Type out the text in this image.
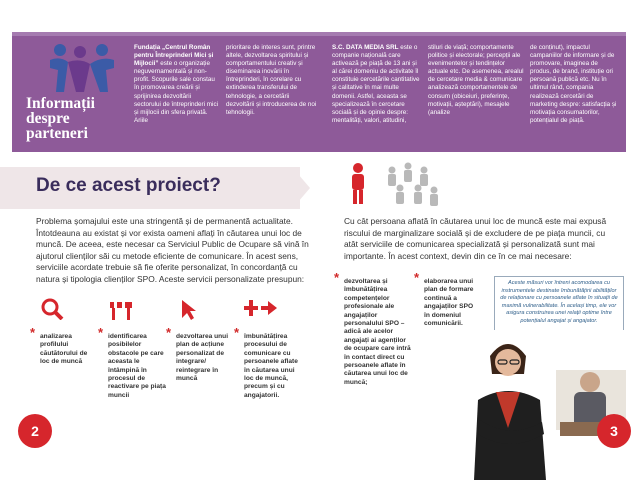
Informații
despre
parteneri
Fundația „Centrul Român pentru Întreprinderi Mici și Mijlocii” este o organizație neguvernamentală și non-profit. Scopurile sale constau în promovarea creării și sprijinirea dezvoltării sectorului de întreprinderi mici și mijlocii din sfera privată. Ariile
prioritare de interes sunt, printre altele, dezvoltarea spiritului și comportamentului creativ și diseminarea inovării în întreprinderi, în corelare cu extinderea transferului de tehnologie, a cercetării dezvoltării și introducerea de noi tehnologii.
S.C. DATA MEDIA SRL este o companie națională care activează pe piață de 13 ani și al cărei domeniu de activitate îl constituie cercetările cantitative și calitative în mai multe domenii. Astfel, aceasta se specializează în cercetare socială și de opinie despre: mentalități, valori, atitudini,
stiluri de viață; comportamente politice și electorale; percepții ale evenimentelor și tendințelor actuale etc. De asemenea, arealul de cercetare media & comunicare analizează comportamentele de consum (obiceiuri, preferințe, motivații, așteptări), mesajele (analize
de conținut), impactul campaniilor de informare și de promovare, imaginea de produs, de brand, instituție ori persoană publică etc. Nu în ultimul rând, compania realizează cercetări de marketing despre: satisfacția și motivația consumatorilor, potențialul de piață.
De ce acest proiect?
Problema șomajului este una stringentă și de permanentă actualitate. Întotdeauna au existat și vor exista oameni aflați în căutarea unui loc de muncă. De aceea, este necesar ca Serviciul Public de Ocupare să vină în ajutorul clienților săi cu metode eficiente de comunicare. În acest sens, serviciile acordate trebuie să fie oferite personalizat, în concordanță cu natura și tipologia clienților SPO. Aceste servicii personalizate presupun:
* analizarea profilului căutătorului de loc de muncă
* identificarea posibilelor obstacole pe care aceasta le întâmpină în procesul de reactivare pe piața muncii
* dezvoltarea unui plan de acțiune personalizat de integrare/ reintegrare în muncă
* îmbunătățirea procesului de comunicare cu persoanele aflate în căutarea unui loc de muncă, precum și cu angajatorii.
2
Cu cât persoana aflată în căutarea unui loc de muncă este mai expusă riscului de marginalizare socială și de excludere de pe piața muncii, cu atât serviciile de comunicarea specializată și personalizată sunt mai importante. În acest context, devin din ce în ce mai necesare:
* dezvoltarea și îmbunătățirea competențelor profesionale ale angajaților personalului SPO – adică ale acelor angajați ai agenților de ocupare care intră în contact direct cu persoanele aflate în căutarea unui loc de muncă;
* elaborarea unui plan de formare continuă a angajaților SPO în domeniul comunicării.
Aceste măsuri vor întreni acomodarea cu instrumentele destinate îmbunătățirii abilităților de relaționare cu persoanele aflate în situații de maximă vulnerabilitate. În același timp, ele vor asigura construirea unei relații optime între potențialul angajat și angajator.
3
